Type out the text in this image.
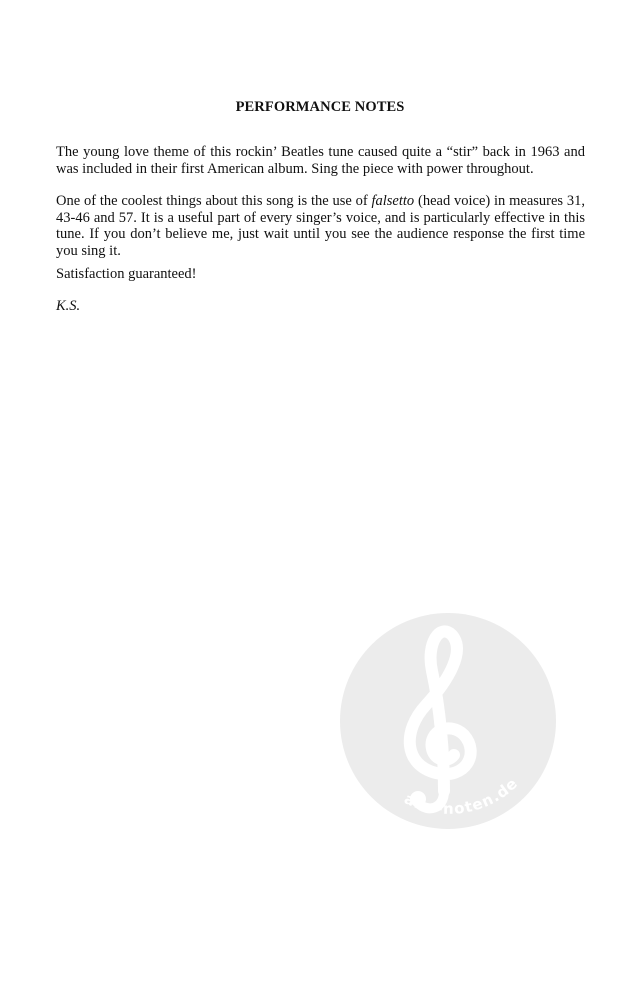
PERFORMANCE NOTES

The young love theme of this rockin’ Beatles tune caused quite a “stir” back in 1963 and was included in their first American album. Sing the piece with power throughout.

One of the coolest things about this song is the use of falsetto (head voice) in measures 31, 43-46 and 57. It is a useful part of every singer’s voice, and is particularly effective in this tune. If you don’t believe me, just wait until you see the audience response the first time you sing it.

Satisfaction guaranteed!

K.S.

alle-noten.de
